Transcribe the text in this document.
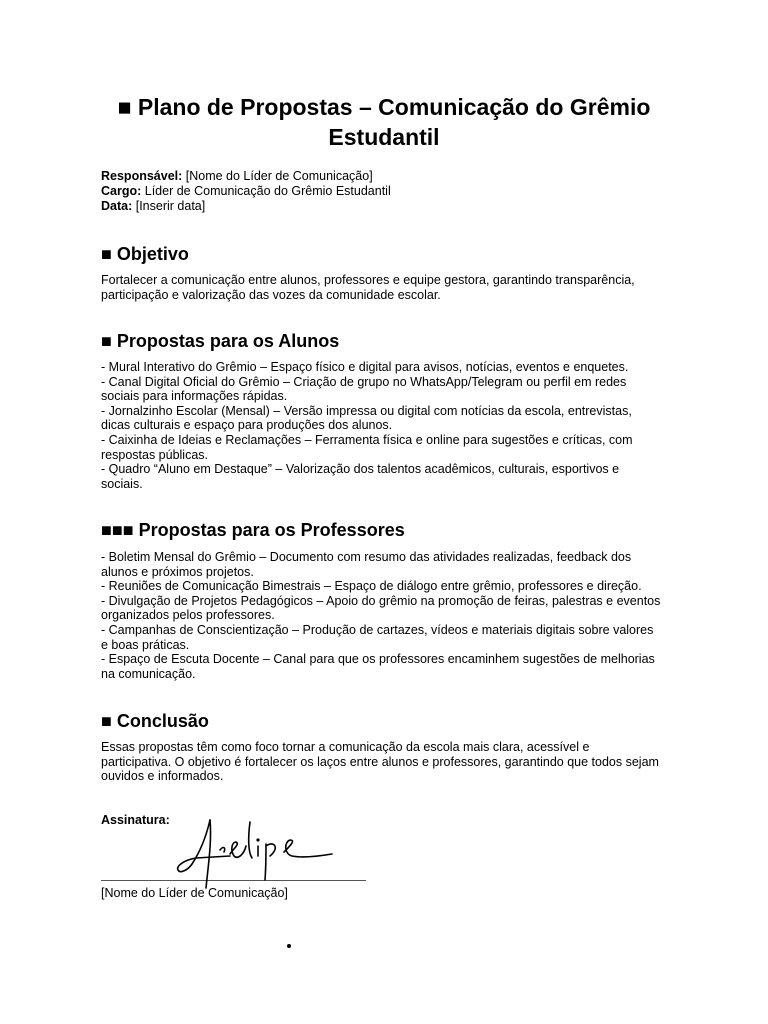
■ Plano de Propostas – Comunicação do Grêmio Estudantil
Responsável: [Nome do Líder de Comunicação]
Cargo: Líder de Comunicação do Grêmio Estudantil
Data: [Inserir data]
■ Objetivo

Fortalecer a comunicação entre alunos, professores e equipe gestora, garantindo transparência, participação e valorização das vozes da comunidade escolar.

■ Propostas para os Alunos
- Mural Interativo do Grêmio – Espaço físico e digital para avisos, notícias, eventos e enquetes.
- Canal Digital Oficial do Grêmio – Criação de grupo no WhatsApp/Telegram ou perfil em redes sociais para informações rápidas.
- Jornalzinho Escolar (Mensal) – Versão impressa ou digital com notícias da escola, entrevistas, dicas culturais e espaço para produções dos alunos.
- Caixinha de Ideias e Reclamações – Ferramenta física e online para sugestões e críticas, com respostas públicas.
- Quadro “Aluno em Destaque” – Valorização dos talentos acadêmicos, culturais, esportivos e sociais.
■■■ Propostas para os Professores
- Boletim Mensal do Grêmio – Documento com resumo das atividades realizadas, feedback dos alunos e próximos projetos.
- Reuniões de Comunicação Bimestrais – Espaço de diálogo entre grêmio, professores e direção.
- Divulgação de Projetos Pedagógicos – Apoio do grêmio na promoção de feiras, palestras e eventos organizados pelos professores.
- Campanhas de Conscientização – Produção de cartazes, vídeos e materiais digitais sobre valores e boas práticas.
- Espaço de Escuta Docente – Canal para que os professores encaminhem sugestões de melhorias na comunicação.
■ Conclusão

Essas propostas têm como foco tornar a comunicação da escola mais clara, acessível e participativa. O objetivo é fortalecer os laços entre alunos e professores, garantindo que todos sejam ouvidos e informados.

Assinatura:
[Nome do Líder de Comunicação]
